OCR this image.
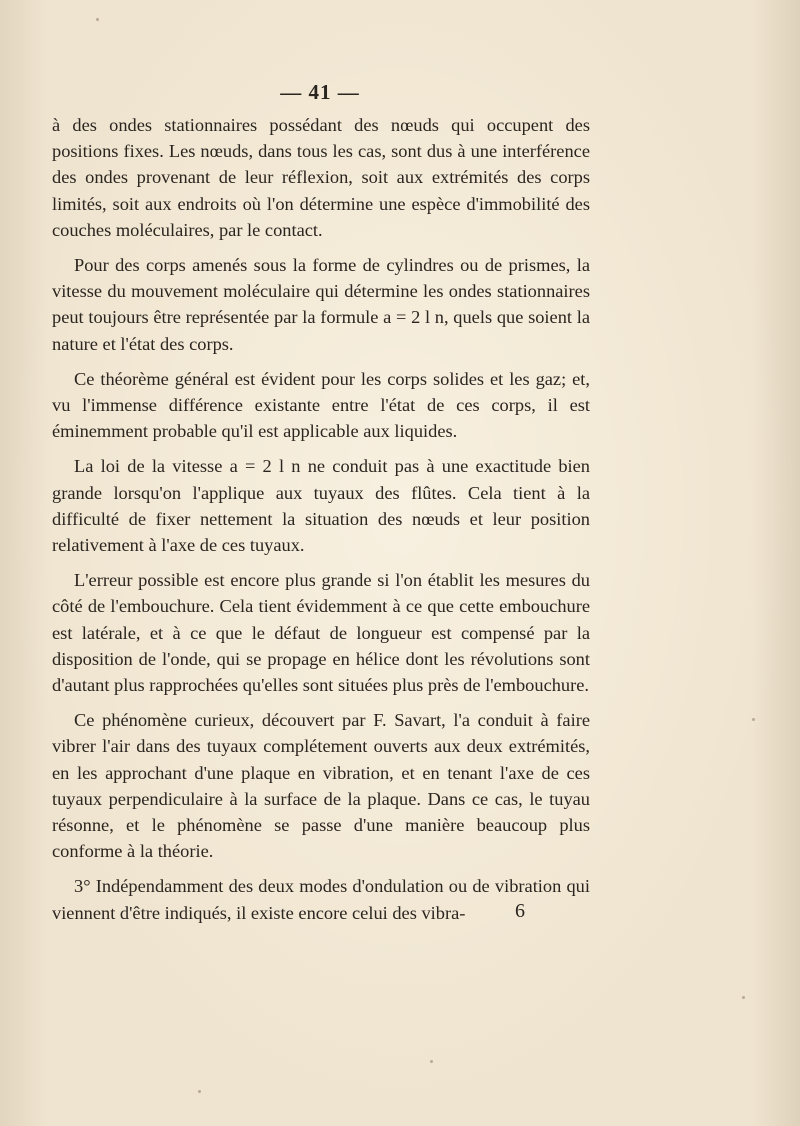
— 41 —

à des ondes stationnaires possédant des nœuds qui occupent des positions fixes. Les nœuds, dans tous les cas, sont dus à une interférence des ondes provenant de leur réflexion, soit aux extrémités des corps limités, soit aux endroits où l'on détermine une espèce d'immobilité des couches moléculaires, par le contact.

Pour des corps amenés sous la forme de cylindres ou de prismes, la vitesse du mouvement moléculaire qui détermine les ondes stationnaires peut toujours être représentée par la formule a = 2 l n, quels que soient la nature et l'état des corps.

Ce théorème général est évident pour les corps solides et les gaz; et, vu l'immense différence existante entre l'état de ces corps, il est éminemment probable qu'il est applicable aux liquides.

La loi de la vitesse a = 2 l n ne conduit pas à une exactitude bien grande lorsqu'on l'applique aux tuyaux des flûtes. Cela tient à la difficulté de fixer nettement la situation des nœuds et leur position relativement à l'axe de ces tuyaux.

L'erreur possible est encore plus grande si l'on établit les mesures du côté de l'embouchure. Cela tient évidemment à ce que cette embouchure est latérale, et à ce que le défaut de longueur est compensé par la disposition de l'onde, qui se propage en hélice dont les révolutions sont d'autant plus rapprochées qu'elles sont situées plus près de l'embouchure.

Ce phénomène curieux, découvert par F. Savart, l'a conduit à faire vibrer l'air dans des tuyaux complétement ouverts aux deux extrémités, en les approchant d'une plaque en vibration, et en tenant l'axe de ces tuyaux perpendiculaire à la surface de la plaque. Dans ce cas, le tuyau résonne, et le phénomène se passe d'une manière beaucoup plus conforme à la théorie.

3° Indépendamment des deux modes d'ondulation ou de vibration qui viennent d'être indiqués, il existe encore celui des vibra-	6
